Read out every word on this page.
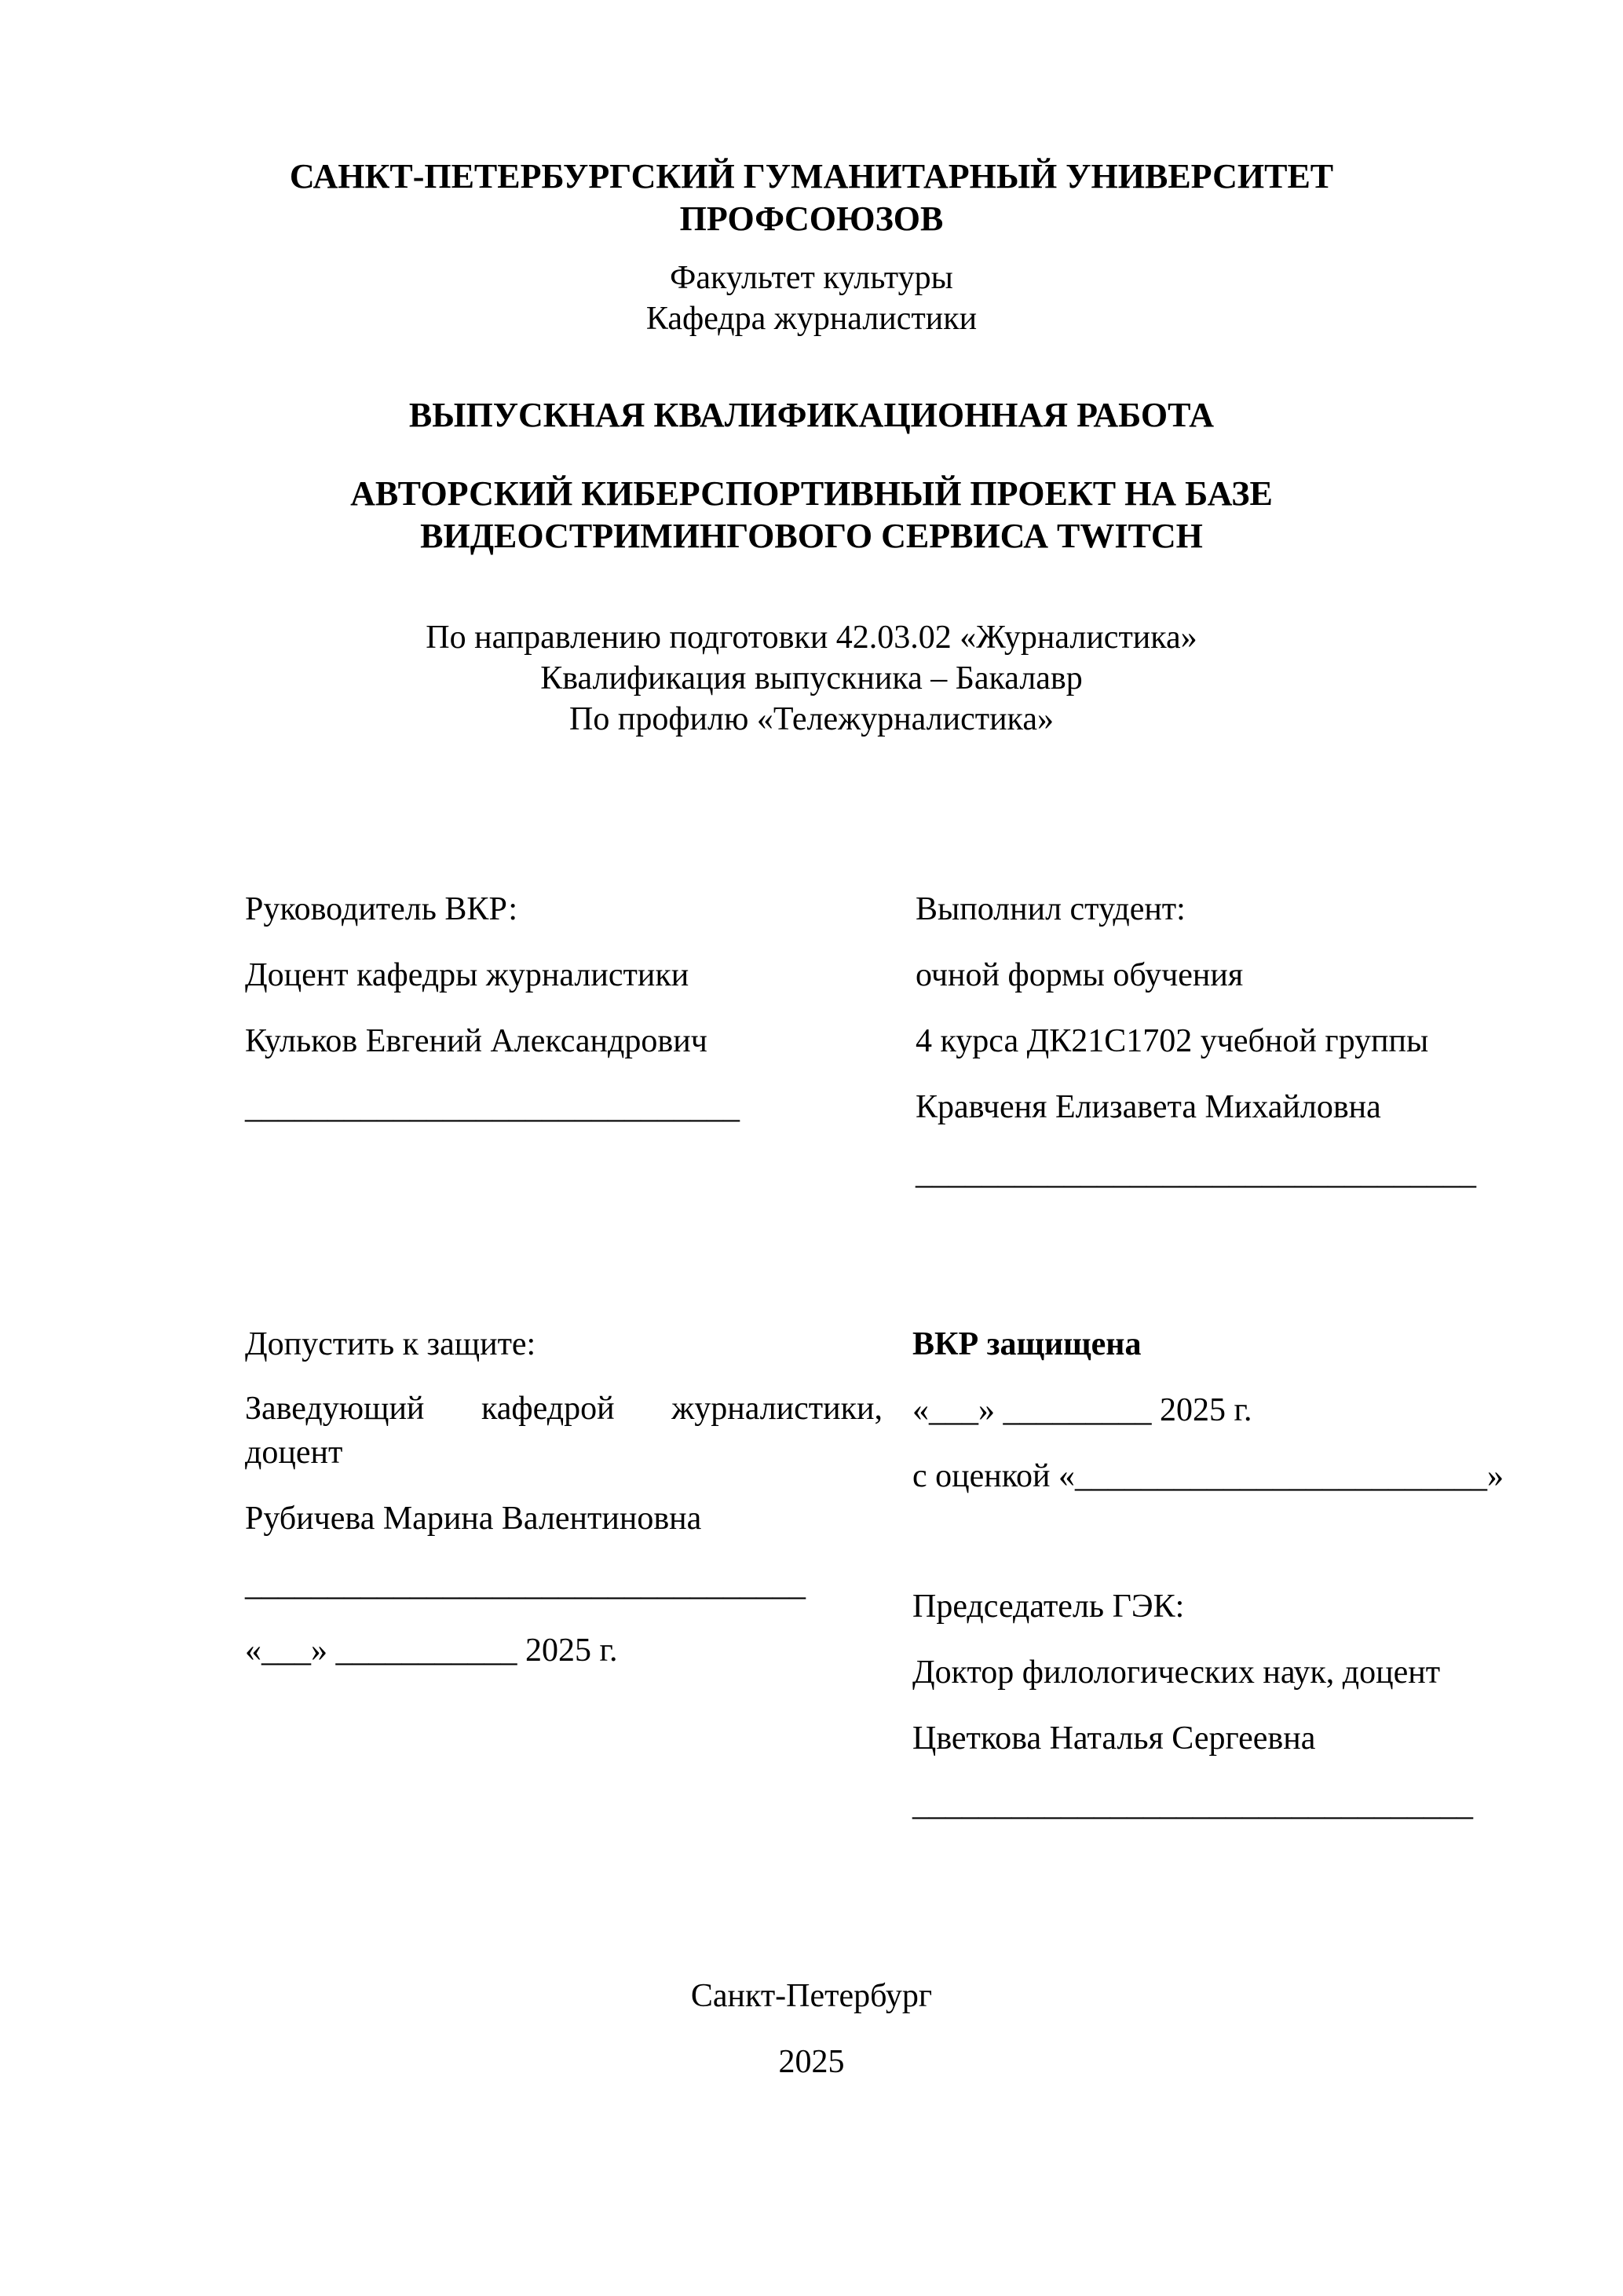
САНКТ-ПЕТЕРБУРГСКИЙ ГУМАНИТАРНЫЙ УНИВЕРСИТЕТ
ПРОФСОЮЗОВ
Факультет культуры
Кафедра журналистики
ВЫПУСКНАЯ КВАЛИФИКАЦИОННАЯ РАБОТА
АВТОРСКИЙ КИБЕРСПОРТИВНЫЙ ПРОЕКТ НА БАЗЕ
ВИДЕОСТРИМИНГОВОГО СЕРВИСА TWITCH
По направлению подготовки 42.03.02 «Журналистика»
Квалификация выпускника – Бакалавр
По профилю «Тележурналистика»
Руководитель ВКР:
Доцент кафедры журналистики
Кульков Евгений Александрович
______________________________
Выполнил студент:
очной формы обучения
4 курса ДК21С1702 учебной группы
Кравченя Елизавета Михайловна
__________________________________
Допустить к защите:
Заведующий кафедрой журналистики, доцент
Рубичева Марина Валентиновна
__________________________________
«___» ___________ 2025 г.
ВКР защищена
«___» _________ 2025 г.
с оценкой «_________________________»
Председатель ГЭК:
Доктор филологических наук, доцент
Цветкова Наталья Сергеевна
__________________________________
Санкт-Петербург
2025
